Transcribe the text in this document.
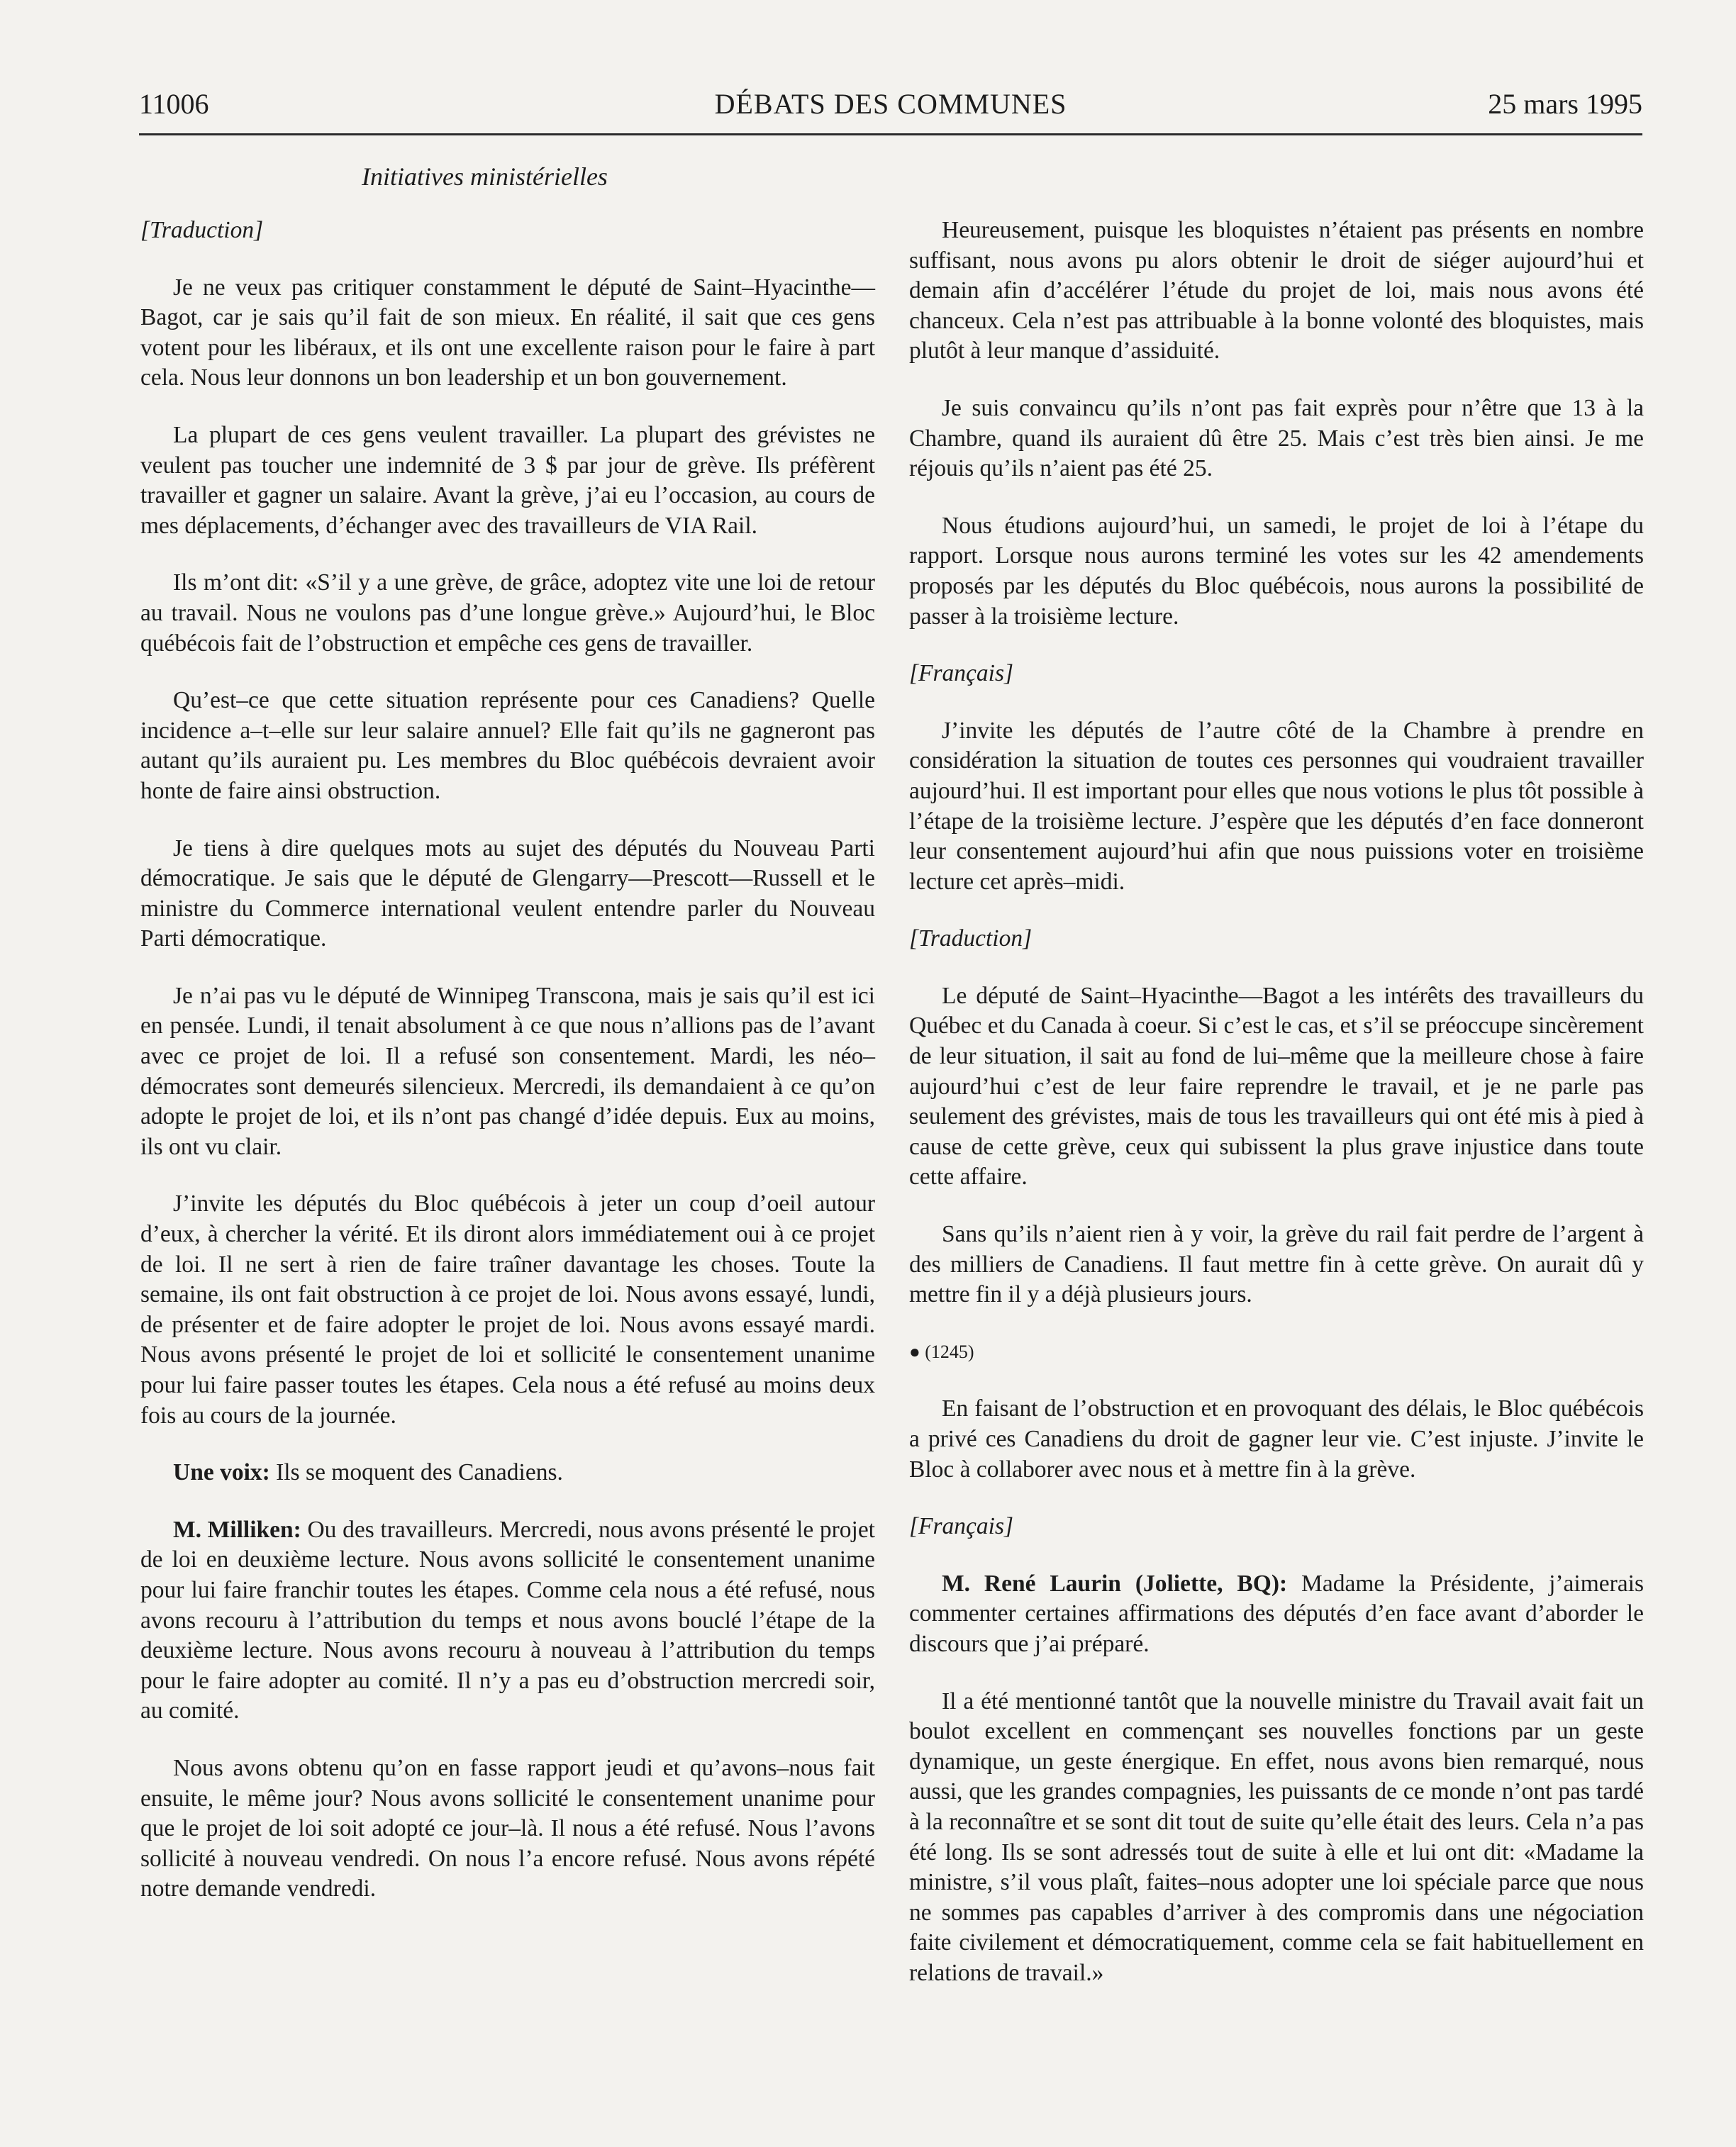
11006	DÉBATS DES COMMUNES	25 mars 1995
Initiatives ministérielles

[Traduction]

Je ne veux pas critiquer constamment le député de Saint–Hyacinthe—Bagot, car je sais qu’il fait de son mieux. En réalité, il sait que ces gens votent pour les libéraux, et ils ont une excellente raison pour le faire à part cela. Nous leur donnons un bon leadership et un bon gouvernement.

La plupart de ces gens veulent travailler. La plupart des grévistes ne veulent pas toucher une indemnité de 3 $ par jour de grève. Ils préfèrent travailler et gagner un salaire. Avant la grève, j’ai eu l’occasion, au cours de mes déplacements, d’échanger avec des travailleurs de VIA Rail.

Ils m’ont dit: «S’il y a une grève, de grâce, adoptez vite une loi de retour au travail. Nous ne voulons pas d’une longue grève.» Aujourd’hui, le Bloc québécois fait de l’obstruction et empêche ces gens de travailler.

Qu’est–ce que cette situation représente pour ces Canadiens? Quelle incidence a–t–elle sur leur salaire annuel? Elle fait qu’ils ne gagneront pas autant qu’ils auraient pu. Les membres du Bloc québécois devraient avoir honte de faire ainsi obstruction.

Je tiens à dire quelques mots au sujet des députés du Nouveau Parti démocratique. Je sais que le député de Glengarry—Prescott—Russell et le ministre du Commerce international veulent entendre parler du Nouveau Parti démocratique.

Je n’ai pas vu le député de Winnipeg Transcona, mais je sais qu’il est ici en pensée. Lundi, il tenait absolument à ce que nous n’allions pas de l’avant avec ce projet de loi. Il a refusé son consentement. Mardi, les néo–démocrates sont demeurés silencieux. Mercredi, ils demandaient à ce qu’on adopte le projet de loi, et ils n’ont pas changé d’idée depuis. Eux au moins, ils ont vu clair.

J’invite les députés du Bloc québécois à jeter un coup d’oeil autour d’eux, à chercher la vérité. Et ils diront alors immédiatement oui à ce projet de loi. Il ne sert à rien de faire traîner davantage les choses. Toute la semaine, ils ont fait obstruction à ce projet de loi. Nous avons essayé, lundi, de présenter et de faire adopter le projet de loi. Nous avons essayé mardi. Nous avons présenté le projet de loi et sollicité le consentement unanime pour lui faire passer toutes les étapes. Cela nous a été refusé au moins deux fois au cours de la journée.

Une voix: Ils se moquent des Canadiens.

M. Milliken: Ou des travailleurs. Mercredi, nous avons présenté le projet de loi en deuxième lecture. Nous avons sollicité le consentement unanime pour lui faire franchir toutes les étapes. Comme cela nous a été refusé, nous avons recouru à l’attribution du temps et nous avons bouclé l’étape de la deuxième lecture. Nous avons recouru à nouveau à l’attribution du temps pour le faire adopter au comité. Il n’y a pas eu d’obstruction mercredi soir, au comité.

Nous avons obtenu qu’on en fasse rapport jeudi et qu’avons–nous fait ensuite, le même jour? Nous avons sollicité le consentement unanime pour que le projet de loi soit adopté ce jour–là. Il nous a été refusé. Nous l’avons sollicité à nouveau vendredi. On nous l’a encore refusé. Nous avons répété notre demande vendredi.

Heureusement, puisque les bloquistes n’étaient pas présents en nombre suffisant, nous avons pu alors obtenir le droit de siéger aujourd’hui et demain afin d’accélérer l’étude du projet de loi, mais nous avons été chanceux. Cela n’est pas attribuable à la bonne volonté des bloquistes, mais plutôt à leur manque d’assiduité.

Je suis convaincu qu’ils n’ont pas fait exprès pour n’être que 13 à la Chambre, quand ils auraient dû être 25. Mais c’est très bien ainsi. Je me réjouis qu’ils n’aient pas été 25.

Nous étudions aujourd’hui, un samedi, le projet de loi à l’étape du rapport. Lorsque nous aurons terminé les votes sur les 42 amendements proposés par les députés du Bloc québécois, nous aurons la possibilité de passer à la troisième lecture.

[Français]

J’invite les députés de l’autre côté de la Chambre à prendre en considération la situation de toutes ces personnes qui voudraient travailler aujourd’hui. Il est important pour elles que nous votions le plus tôt possible à l’étape de la troisième lecture. J’espère que les députés d’en face donneront leur consentement aujourd’hui afin que nous puissions voter en troisième lecture cet après–midi.

[Traduction]

Le député de Saint–Hyacinthe—Bagot a les intérêts des travailleurs du Québec et du Canada à coeur. Si c’est le cas, et s’il se préoccupe sincèrement de leur situation, il sait au fond de lui–même que la meilleure chose à faire aujourd’hui c’est de leur faire reprendre le travail, et je ne parle pas seulement des grévistes, mais de tous les travailleurs qui ont été mis à pied à cause de cette grève, ceux qui subissent la plus grave injustice dans toute cette affaire.

Sans qu’ils n’aient rien à y voir, la grève du rail fait perdre de l’argent à des milliers de Canadiens. Il faut mettre fin à cette grève. On aurait dû y mettre fin il y a déjà plusieurs jours.

● (1245)

En faisant de l’obstruction et en provoquant des délais, le Bloc québécois a privé ces Canadiens du droit de gagner leur vie. C’est injuste. J’invite le Bloc à collaborer avec nous et à mettre fin à la grève.

[Français]

M. René Laurin (Joliette, BQ): Madame la Présidente, j’aimerais commenter certaines affirmations des députés d’en face avant d’aborder le discours que j’ai préparé.

Il a été mentionné tantôt que la nouvelle ministre du Travail avait fait un boulot excellent en commençant ses nouvelles fonctions par un geste dynamique, un geste énergique. En effet, nous avons bien remarqué, nous aussi, que les grandes compagnies, les puissants de ce monde n’ont pas tardé à la reconnaître et se sont dit tout de suite qu’elle était des leurs. Cela n’a pas été long. Ils se sont adressés tout de suite à elle et lui ont dit: «Madame la ministre, s’il vous plaît, faites–nous adopter une loi spéciale parce que nous ne sommes pas capables d’arriver à des compromis dans une négociation faite civilement et démocratiquement, comme cela se fait habituellement en relations de travail.»
